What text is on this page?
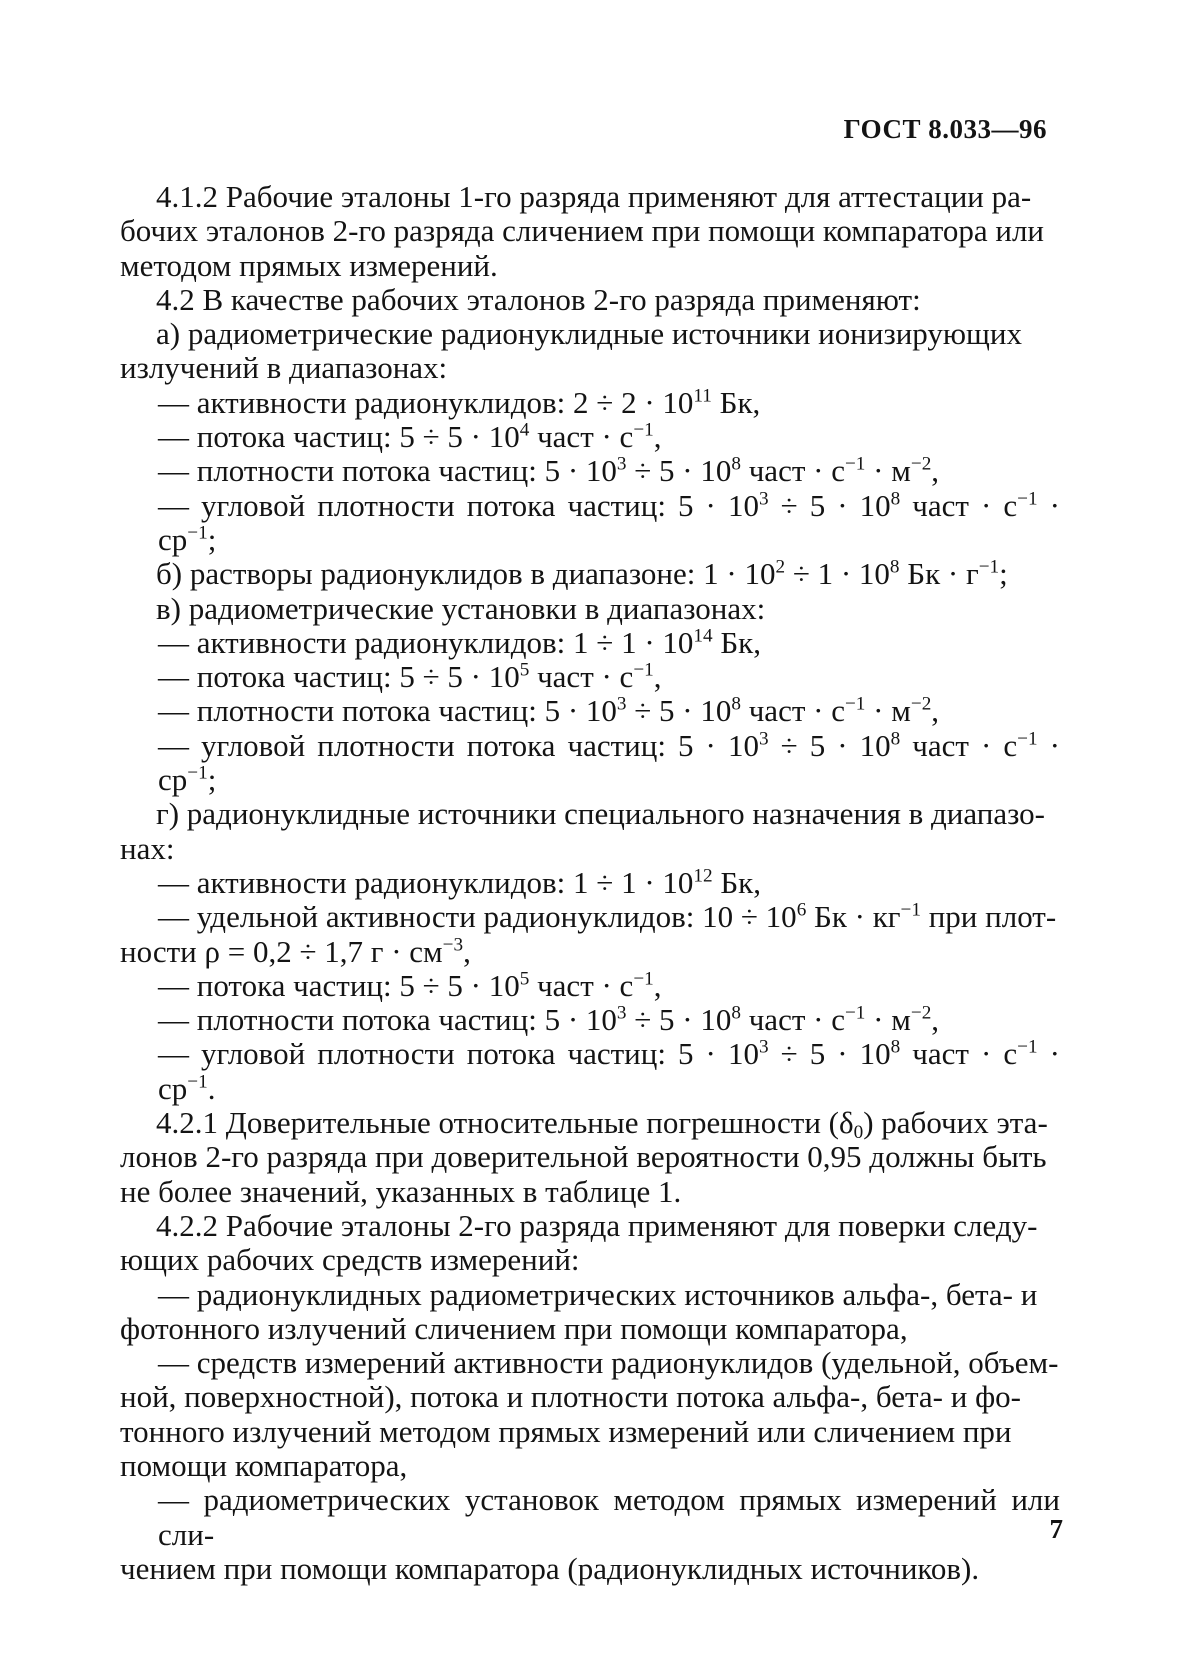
ГОСТ 8.033—96
4.1.2 Рабочие эталоны 1-го разряда применяют для аттестации ра-
бочих эталонов 2-го разряда сличением при помощи компаратора или
методом прямых измерений.
4.2 В качестве рабочих эталонов 2-го разряда применяют:
а) радиометрические радионуклидные источники ионизирующих
излучений в диапазонах:
— активности радионуклидов: $2 \div 2 \cdot 10^{11}$ Бк,
— потока частиц: $5 \div 5 \cdot 10^4$ част · $с^{-1}$,
— плотности потока частиц: $5 \cdot 10^3 \div 5 \cdot 10^8$ част · $с^{-1} \cdot м^{-2}$,
— угловой плотности потока частиц: $5 \cdot 10^3 \div 5 \cdot 10^8$ част · $с^{-1} \cdot ср^{-1}$;
б) растворы радионуклидов в диапазоне: $1 \cdot 10^2 \div 1 \cdot 10^8$ Бк · $г^{-1}$;
в) радиометрические установки в диапазонах:
— активности радионуклидов: $1 \div 1 \cdot 10^{14}$ Бк,
— потока частиц: $5 \div 5 \cdot 10^5$ част · $с^{-1}$,
— плотности потока частиц: $5 \cdot 10^3 \div 5 \cdot 10^8$ част · $с^{-1} \cdot м^{-2}$,
— угловой плотности потока частиц: $5 \cdot 10^3 \div 5 \cdot 10^8$ част · $с^{-1} \cdot ср^{-1}$;
г) радионуклидные источники специального назначения в диапазо-
нах:
— активности радионуклидов: $1 \div 1 \cdot 10^{12}$ Бк,
— удельной активности радионуклидов: $10 \div 10^6$ Бк · $кг^{-1}$ при плот-
ности ρ = 0,2 ÷ 1,7 $г \cdot см^{-3}$,
— потока частиц: $5 \div 5 \cdot 10^5$ част · $с^{-1}$,
— плотности потока частиц: $5 \cdot 10^3 \div 5 \cdot 10^8$ част · $с^{-1} \cdot м^{-2}$,
— угловой плотности потока частиц: $5 \cdot 10^3 \div 5 \cdot 10^8$ част · $с^{-1} \cdot ср^{-1}$.
4.2.1 Доверительные относительные погрешности $(\delta_0)$ рабочих эта-
лонов 2-го разряда при доверительной вероятности 0,95 должны быть
не более значений, указанных в таблице 1.
4.2.2 Рабочие эталоны 2-го разряда применяют для поверки следу-
ющих рабочих средств измерений:
— радионуклидных радиометрических источников альфа-, бета- и
фотонного излучений сличением при помощи компаратора,
— средств измерений активности радионуклидов (удельной, объем-
ной, поверхностной), потока и плотности потока альфа-, бета- и фо-
тонного излучений методом прямых измерений или сличением при
помощи компаратора,
— радиометрических установок методом прямых измерений или сли-
чением при помощи компаратора (радионуклидных источников).
7
